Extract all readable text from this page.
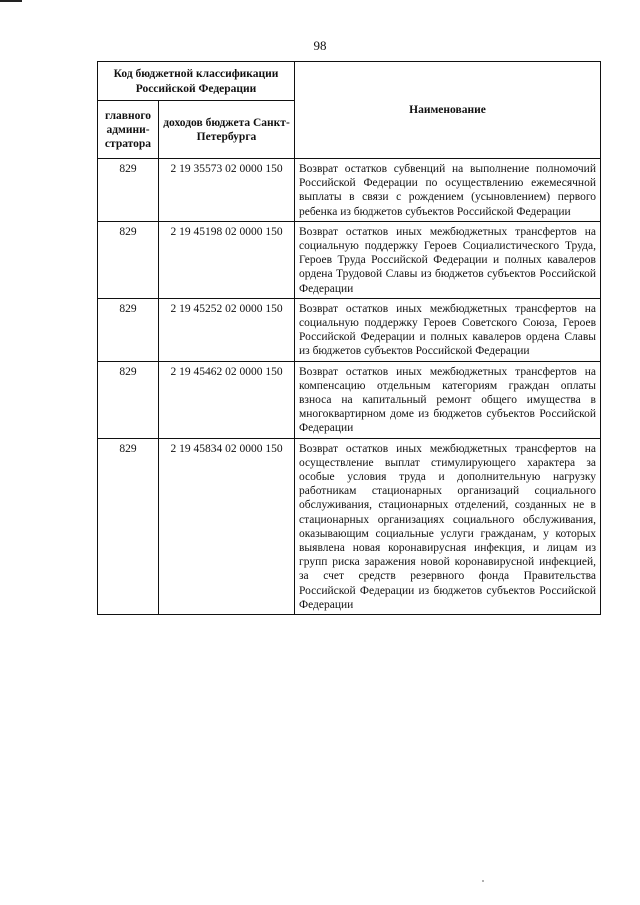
98
Код бюджетной классификации Российской Федерации		Наименование
главного админи-стратора	доходов бюджета Санкт-Петербурга	
829	2 19 35573 02 0000 150	Возврат остатков субвенций на выполнение полномочий Российской Федерации по осуществлению ежемесячной выплаты в связи с рождением (усыновлением) первого ребенка из бюджетов субъектов Российской Федерации
829	2 19 45198 02 0000 150	Возврат остатков иных межбюджетных трансфертов на социальную поддержку Героев Социалистического Труда, Героев Труда Российской Федерации и полных кавалеров ордена Трудовой Славы из бюджетов субъектов Российской Федерации
829	2 19 45252 02 0000 150	Возврат остатков иных межбюджетных трансфертов на социальную поддержку Героев Советского Союза, Героев Российской Федерации и полных кавалеров ордена Славы из бюджетов субъектов Российской Федерации
829	2 19 45462 02 0000 150	Возврат остатков иных межбюджетных трансфертов на компенсацию отдельным категориям граждан оплаты взноса на капитальный ремонт общего имущества в многоквартирном доме из бюджетов субъектов Российской Федерации
829	2 19 45834 02 0000 150	Возврат остатков иных межбюджетных трансфертов на осуществление выплат стимулирующего характера за особые условия труда и дополнительную нагрузку работникам стационарных организаций социального обслуживания, стационарных отделений, созданных не в стационарных организациях социального обслуживания, оказывающим социальные услуги гражданам, у которых выявлена новая коронавирусная инфекция, и лицам из групп риска заражения новой коронавирусной инфекцией, за счет средств резервного фонда Правительства Российской Федерации из бюджетов субъектов Российской Федерации
